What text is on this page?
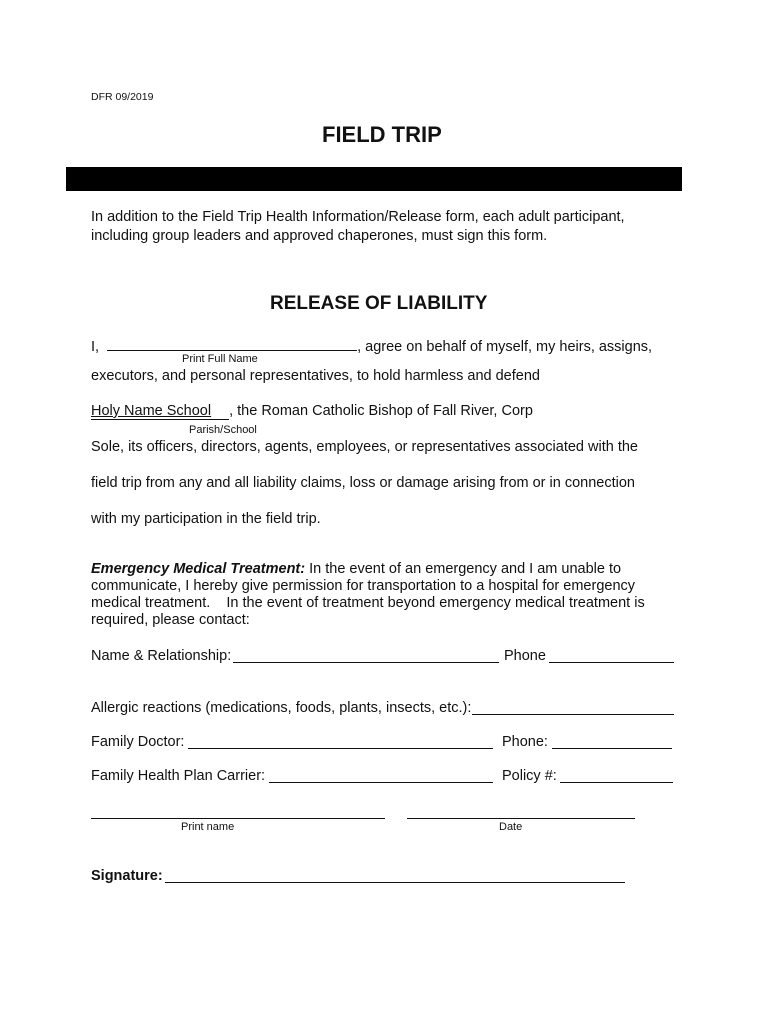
DFR 09/2019
FIELD TRIP
In addition to the Field Trip Health Information/Release form, each adult participant,
including group leaders and approved chaperones, must sign this form.
RELEASE OF LIABILITY
I,	, agree on behalf of myself, my heirs, assigns,
Print Full Name
executors, and personal representatives, to hold harmless and defend
Holy Name School , the Roman Catholic Bishop of Fall River, Corp
Parish/School
Sole, its officers, directors, agents, employees, or representatives associated with the
field trip from any and all liability claims, loss or damage arising from or in connection
with my participation in the field trip.
Emergency Medical Treatment: In the event of an emergency and I am unable to
communicate, I hereby give permission for transportation to a hospital for emergency
medical treatment.    In the event of treatment beyond emergency medical treatment is
required, please contact:
Name & Relationship:	Phone
Allergic reactions (medications, foods, plants, insects, etc.):
Family Doctor:	Phone:
Family Health Plan Carrier:	Policy #:
Print name	Date
Signature:
